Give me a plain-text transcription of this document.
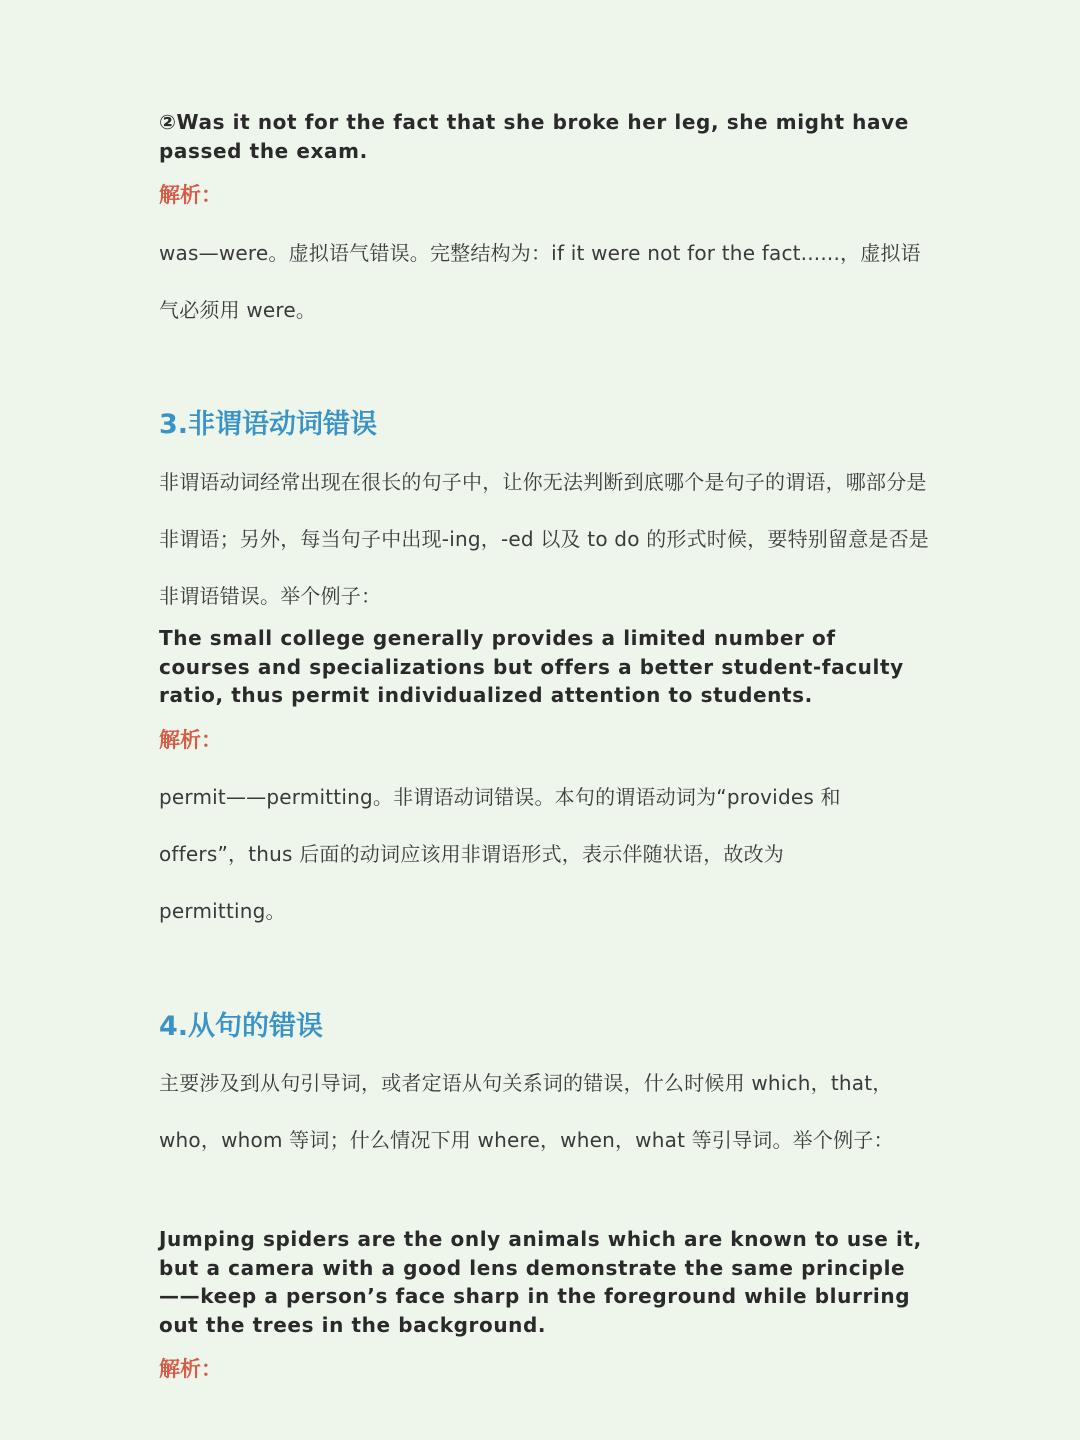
②Was it not for the fact that she broke her leg, she might have passed the exam.

解析：

was—were。虚拟语气错误。完整结构为：if it were not for the fact......，虚拟语气必须用 were。

3.非谓语动词错误

非谓语动词经常出现在很长的句子中，让你无法判断到底哪个是句子的谓语，哪部分是非谓语；另外，每当句子中出现-ing，-ed 以及 to do 的形式时候，要特别留意是否是非谓语错误。举个例子：

The small college generally provides a limited number of courses and specializations but offers a better student-faculty ratio, thus permit individualized attention to students.

解析：

permit——permitting。非谓语动词错误。本句的谓语动词为“provides 和 offers”，thus 后面的动词应该用非谓语形式，表示伴随状语，故改为 permitting。

4.从句的错误

主要涉及到从句引导词，或者定语从句关系词的错误，什么时候用 which，that，who，whom 等词；什么情况下用 where，when，what 等引导词。举个例子：

Jumping spiders are the only animals which are known to use it, but a camera with a good lens demonstrate the same principle——keep a person’s face sharp in the foreground while blurring out the trees in the background.

解析：
